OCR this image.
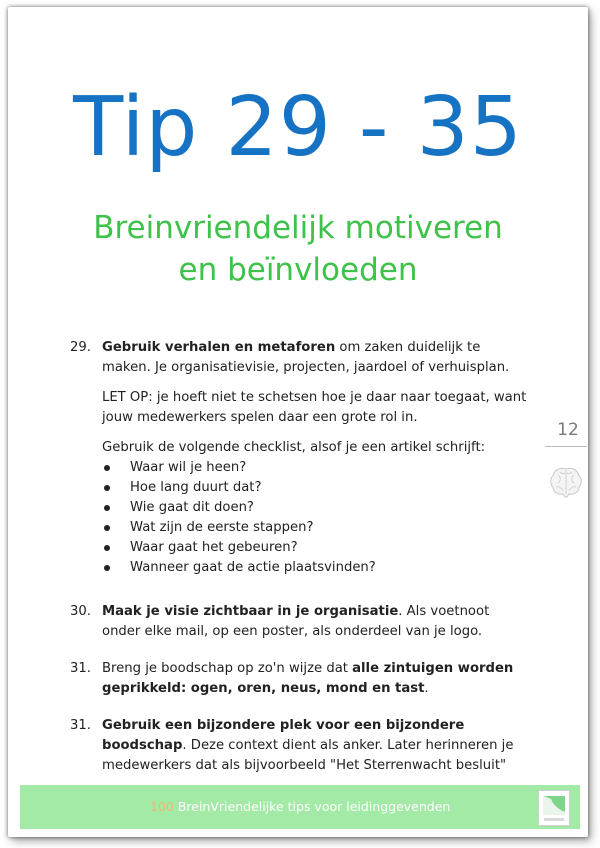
Tip 29 - 35
Breinvriendelijk motiveren
en beïnvloeden
29. Gebruik verhalen en metaforen om zaken duidelijk te maken. Je organisatievisie, projecten, jaardoel of verhuisplan.

LET OP: je hoeft niet te schetsen hoe je daar naar toegaat, want jouw medewerkers spelen daar een grote rol in.

Gebruik de volgende checklist, alsof je een artikel schrijft:

Waar wil je heen?
Hoe lang duurt dat?
Wie gaat dit doen?
Wat zijn de eerste stappen?
Waar gaat het gebeuren?
Wanneer gaat de actie plaatsvinden?
30. Maak je visie zichtbaar in je organisatie. Als voetnoot onder elke mail, op een poster, als onderdeel van je logo.

31. Breng je boodschap op zo'n wijze dat alle zintuigen worden geprikkeld: ogen, oren, neus, mond en tast.

31. Gebruik een bijzondere plek voor een bijzondere boodschap. Deze context dient als anker. Later herinneren je medewerkers dat als bijvoorbeeld "Het Sterrenwacht besluit"

12
100 BreinVriendelijke tips voor leidinggevenden
